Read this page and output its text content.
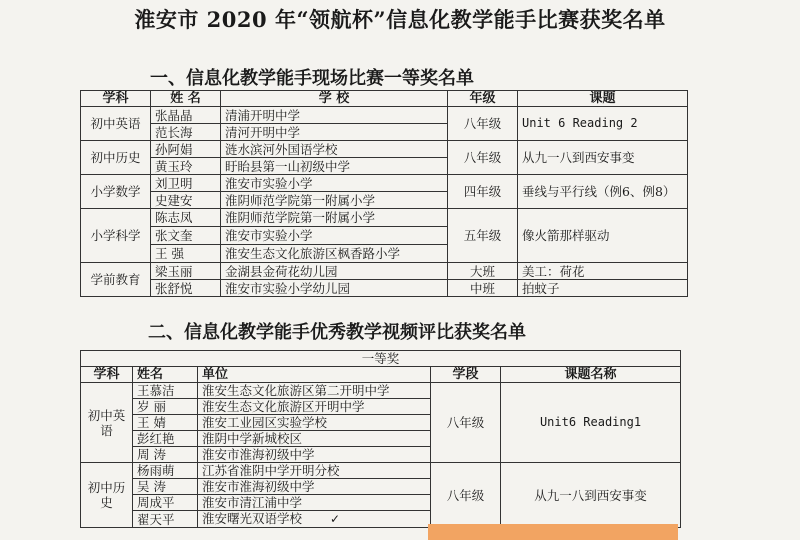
淮安市 2020 年“领航杯”信息化教学能手比赛获奖名单
一、信息化教学能手现场比赛一等奖名单
学科	姓 名	学 校	年级	课题
初中英语	张晶晶	清浦开明中学	八年级	Unit 6 Reading 2
	范长海	清河开明中学		
初中历史	孙阿娟	涟水滨河外国语学校	八年级	从九一八到西安事变
	黄玉玲	盱眙县第一山初级中学		
小学数学	刘卫明	淮安市实验小学	四年级	垂线与平行线（例6、例8）
	史建安	淮阴师范学院第一附属小学		
小学科学	陈志凤	淮阴师范学院第一附属小学	五年级	像火箭那样驱动
	张文奎	淮安市实验小学		
	王 强	淮安生态文化旅游区枫香路小学		
学前教育	梁玉丽	金湖县金荷花幼儿园	大班	美工：荷花
	张舒悦	淮安市实验小学幼儿园	中班	拍蚊子
二、信息化教学能手优秀教学视频评比获奖名单
一等奖				
学科	姓名	单位	学段	课题名称
初中英语	王慕洁	淮安生态文化旅游区第二开明中学	八年级	Unit6 Reading1
	岁 丽	淮安生态文化旅游区开明中学		
	王 婧	淮安工业园区实验学校		
	彭红艳	淮阴中学新城校区		
	周 涛	淮安市淮海初级中学		
初中历史	杨雨萌	江苏省淮阴中学开明分校	八年级	从九一八到西安事变
	吴 涛	淮安市淮海初级中学		
	周成平	淮安市清江浦中学		
	翟天平	淮安曙光双语学校 ✓		
